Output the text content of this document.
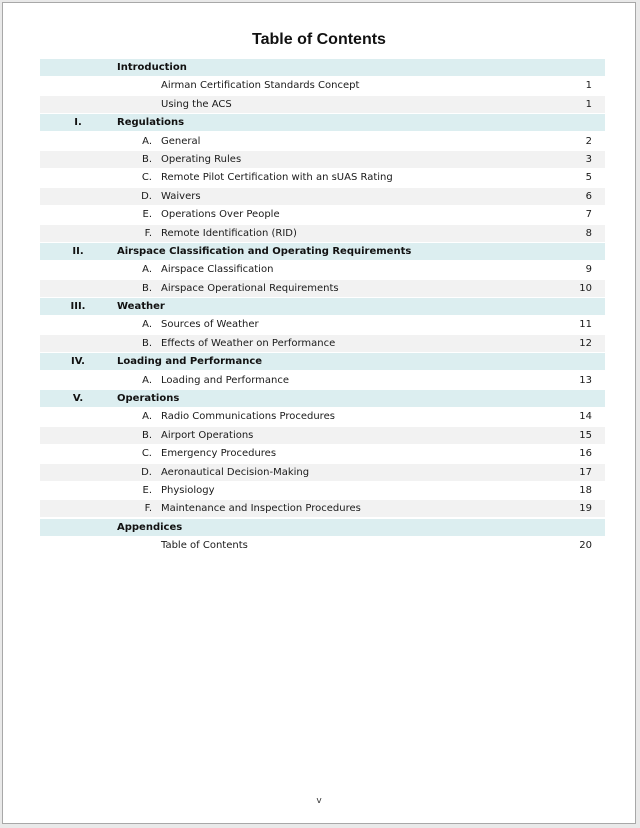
Table of Contents
Introduction
Airman Certification Standards Concept	1
Using the ACS	1
I.	Regulations
A. General	2
B. Operating Rules	3
C. Remote Pilot Certification with an sUAS Rating	5
D. Waivers	6
E. Operations Over People	7
F. Remote Identification (RID)	8
II.	Airspace Classification and Operating Requirements
A. Airspace Classification	9
B. Airspace Operational Requirements	10
III.	Weather
A. Sources of Weather	11
B. Effects of Weather on Performance	12
IV.	Loading and Performance
A. Loading and Performance	13
V.	Operations
A. Radio Communications Procedures	14
B. Airport Operations	15
C. Emergency Procedures	16
D. Aeronautical Decision-Making	17
E. Physiology	18
F. Maintenance and Inspection Procedures	19
Appendices
Table of Contents	20
v
